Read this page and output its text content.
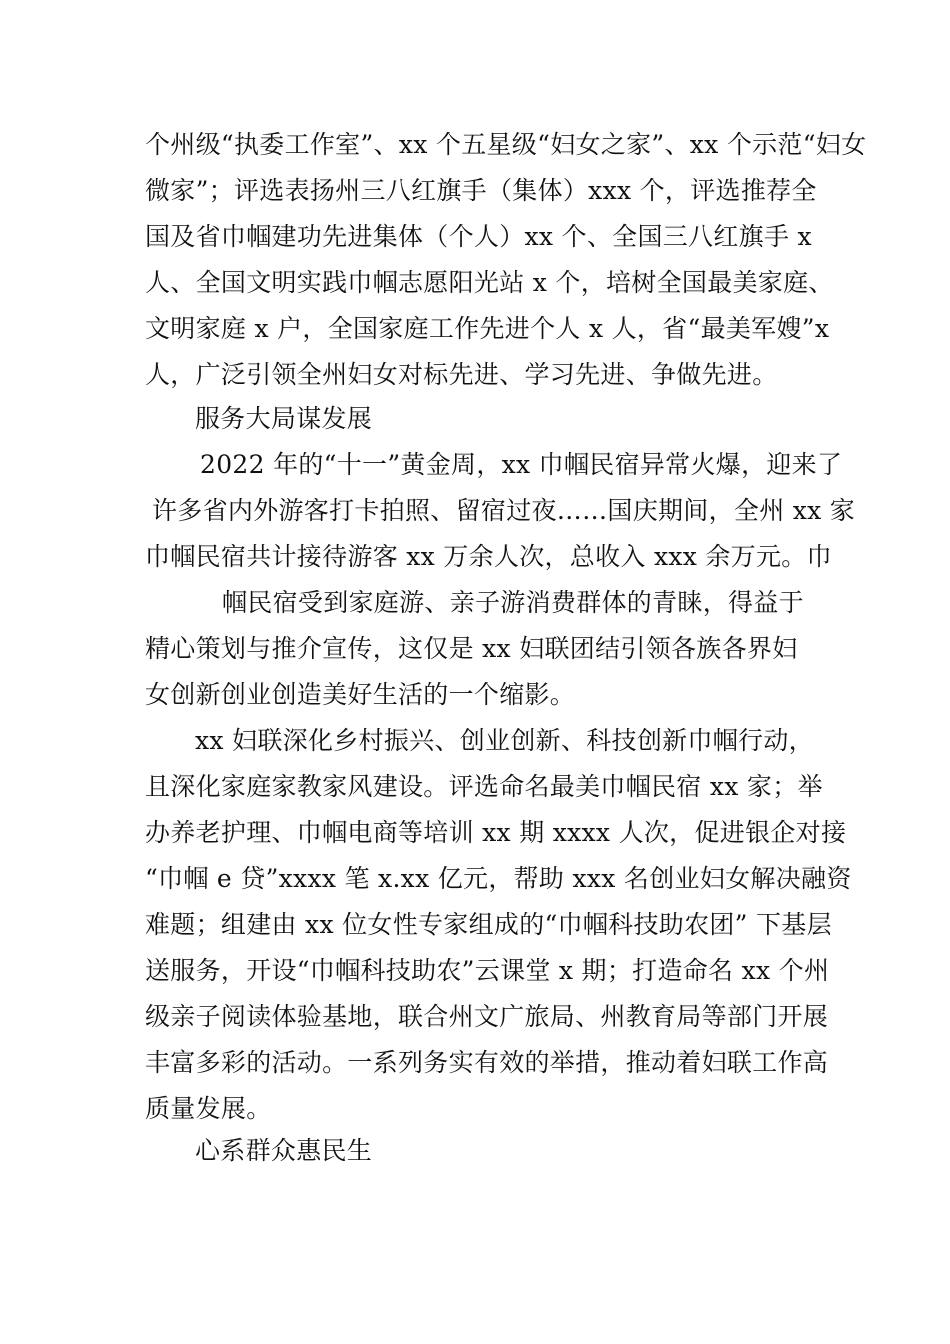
个州级“执委工作室”、xx 个五星级“妇女之家”、xx 个示范“妇女
微家”；评选表扬州三八红旗手（集体）xxx 个，评选推荐全
国及省巾帼建功先进集体（个人）xx 个、全国三八红旗手 x
人、全国文明实践巾帼志愿阳光站 x 个，培树全国最美家庭、
文明家庭 x 户，全国家庭工作先进个人 x 人，省“最美军嫂”x
人，广泛引领全州妇女对标先进、学习先进、争做先进。
服务大局谋发展
2022 年的“十一”黄金周，xx 巾帼民宿异常火爆，迎来了
许多省内外游客打卡拍照、留宿过夜……国庆期间，全州 xx 家
巾帼民宿共计接待游客 xx 万余人次，总收入 xxx 余万元。巾
帼民宿受到家庭游、亲子游消费群体的青睐，得益于
精心策划与推介宣传，这仅是 xx 妇联团结引领各族各界妇
女创新创业创造美好生活的一个缩影。
xx 妇联深化乡村振兴、创业创新、科技创新巾帼行动，
且深化家庭家教家风建设。评选命名最美巾帼民宿 xx 家；举
办养老护理、巾帼电商等培训 xx 期 xxxx 人次，促进银企对接
“巾帼 e 贷”xxxx 笔 x.xx 亿元，帮助 xxx 名创业妇女解决融资
难题；组建由 xx 位女性专家组成的“巾帼科技助农团” 下基层
送服务，开设“巾帼科技助农”云课堂 x 期；打造命名 xx 个州
级亲子阅读体验基地，联合州文广旅局、州教育局等部门开展
丰富多彩的活动。一系列务实有效的举措，推动着妇联工作高
质量发展。
心系群众惠民生
